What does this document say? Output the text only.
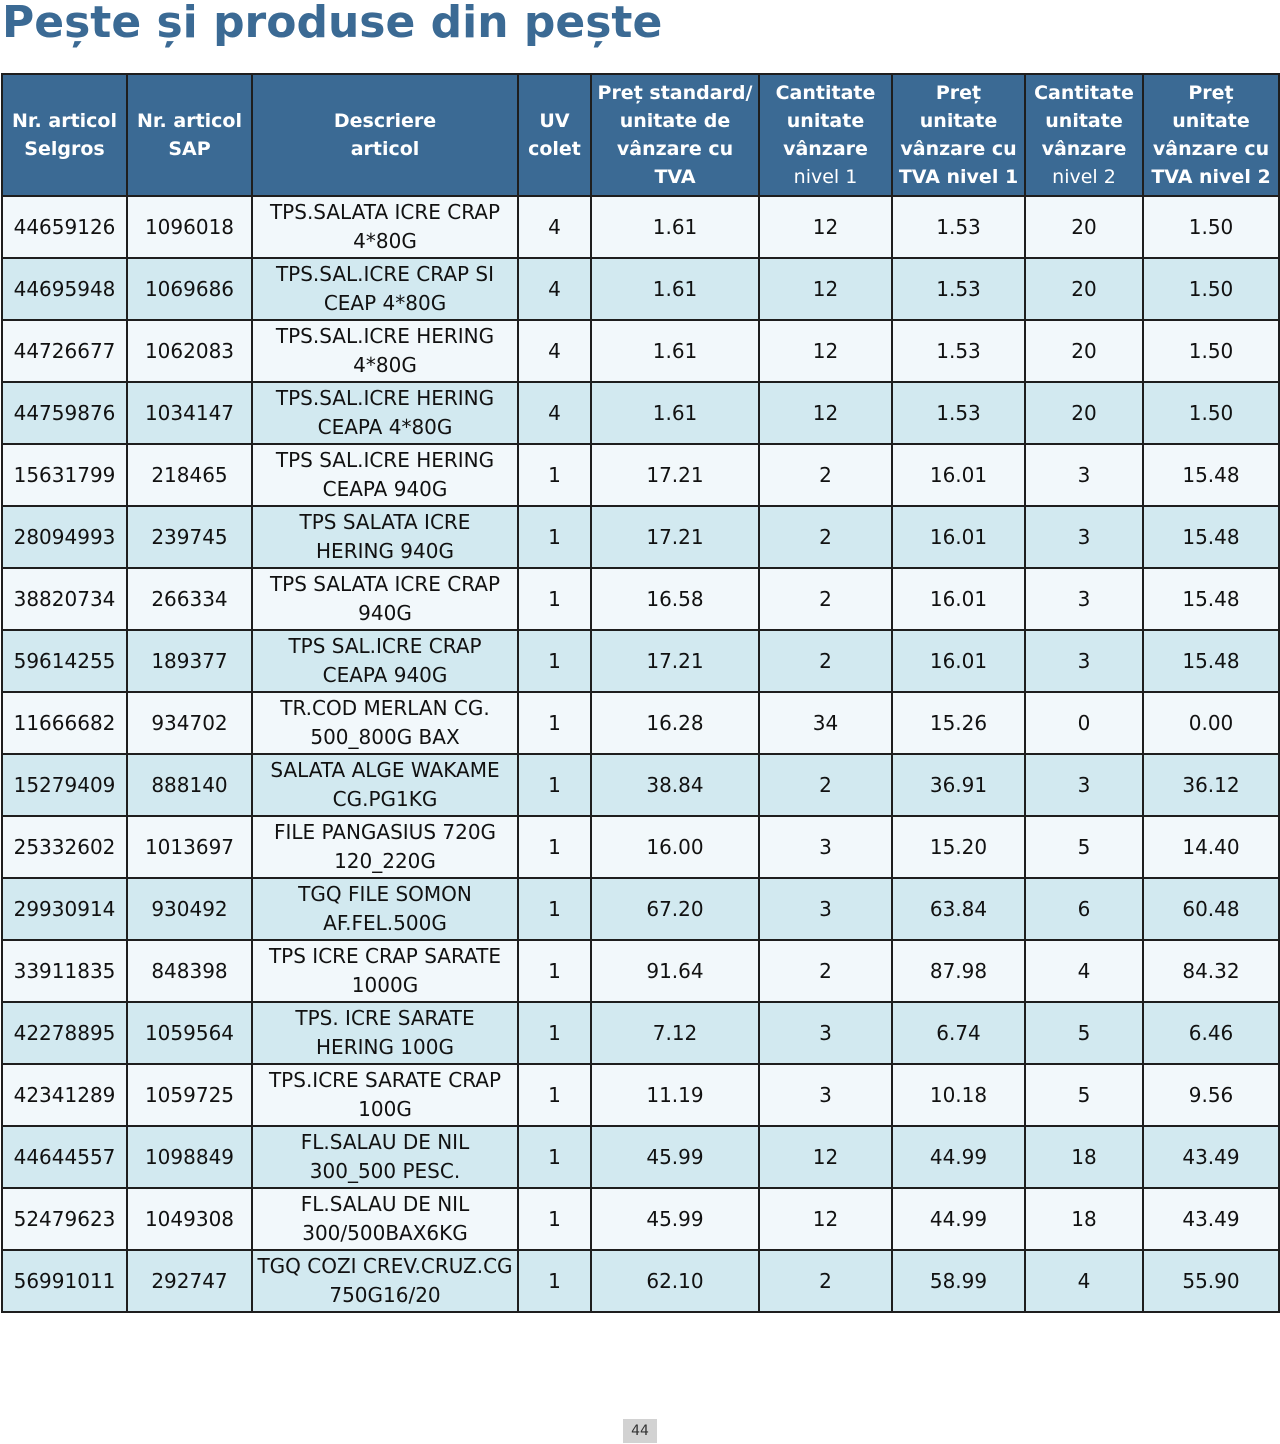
Pește și produse din pește
Nr. articol
Selgros	Nr. articol
SAP	Descriere
articol	UV
colet	Preț standard/
unitate de
vânzare cu
TVA	Cantitate
unitate
vânzare
nivel 1	Preț
unitate
vânzare cu
TVA nivel 1	Cantitate
unitate
vânzare
nivel 2	Preț
unitate
vânzare cu
TVA nivel 2

44659126	1096018	TPS.SALATA ICRE CRAP
4*80G	4	1.61	12	1.53	20	1.50
44695948	1069686	TPS.SAL.ICRE CRAP SI
CEAP 4*80G	4	1.61	12	1.53	20	1.50
44726677	1062083	TPS.SAL.ICRE HERING
4*80G	4	1.61	12	1.53	20	1.50
44759876	1034147	TPS.SAL.ICRE HERING
CEAPA 4*80G	4	1.61	12	1.53	20	1.50
15631799	218465	TPS SAL.ICRE HERING
CEAPA 940G	1	17.21	2	16.01	3	15.48
28094993	239745	TPS SALATA ICRE
HERING 940G	1	17.21	2	16.01	3	15.48
38820734	266334	TPS SALATA ICRE CRAP
940G	1	16.58	2	16.01	3	15.48
59614255	189377	TPS SAL.ICRE CRAP
CEAPA 940G	1	17.21	2	16.01	3	15.48
11666682	934702	TR.COD MERLAN CG.
500_800G BAX	1	16.28	34	15.26	0	0.00
15279409	888140	SALATA ALGE WAKAME
CG.PG1KG	1	38.84	2	36.91	3	36.12
25332602	1013697	FILE PANGASIUS 720G
120_220G	1	16.00	3	15.20	5	14.40
29930914	930492	TGQ FILE SOMON
AF.FEL.500G	1	67.20	3	63.84	6	60.48
33911835	848398	TPS ICRE CRAP SARATE
1000G	1	91.64	2	87.98	4	84.32
42278895	1059564	TPS. ICRE SARATE
HERING 100G	1	7.12	3	6.74	5	6.46
42341289	1059725	TPS.ICRE SARATE CRAP
100G	1	11.19	3	10.18	5	9.56
44644557	1098849	FL.SALAU DE NIL
300_500 PESC.	1	45.99	12	44.99	18	43.49
52479623	1049308	FL.SALAU DE NIL
300/500BAX6KG	1	45.99	12	44.99	18	43.49
56991011	292747	TGQ COZI CREV.CRUZ.CG
750G16/20	1	62.10	2	58.99	4	55.90
44
